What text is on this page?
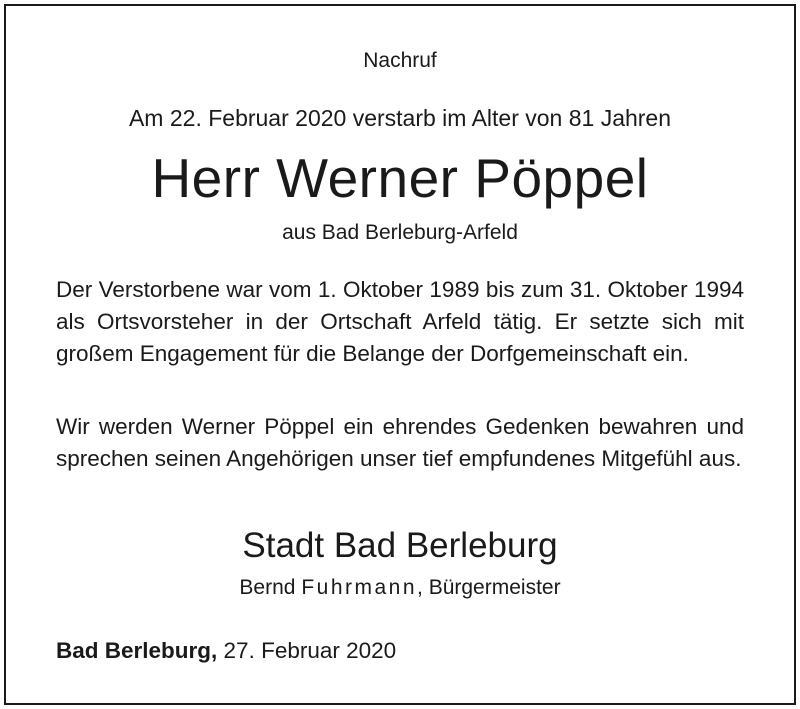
Nachruf
Am 22. Februar 2020 verstarb im Alter von 81 Jahren
Herr Werner Pöppel
aus Bad Berleburg-Arfeld
Der Verstorbene war vom 1. Oktober 1989 bis zum 31. Oktober 1994 als Ortsvorsteher in der Ortschaft Arfeld tätig. Er setzte sich mit großem Engagement für die Belange der Dorfgemeinschaft ein.
Wir werden Werner Pöppel ein ehrendes Gedenken bewahren und sprechen seinen Angehörigen unser tief empfundenes Mitgefühl aus.
Stadt Bad Berleburg
Bernd Fuhrmann, Bürgermeister
Bad Berleburg, 27. Februar 2020
